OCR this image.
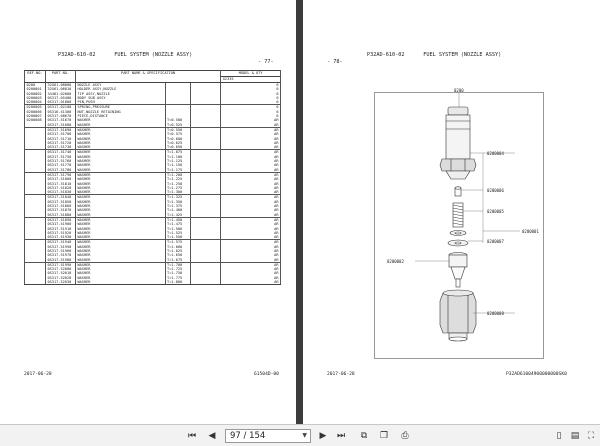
P32AD-610-02      FUEL SYSTEM (NOZZLE ASSY)
- 77-
REF.NO.	PART NO.	PART NAME & SPECIFICATION			MODEL & QTY
					G2335
0200	32G61-08000	NOZZLE ASSY			6
0200001	32G61-06010	HOLDER ASSY,NOZZLE			6
0200002	34481-02000	TIP ASSY,NOZZLE			6
0200003	0S317-05400	BODY SUB ASSY			6
0200004	0S317-01800	PIN,PUSH			6
0200005	0S317-02100	SPRING,PRESSURE			6
0200006	0S316-41300	NUT,NOZZLE RETAINING			6
0200007	0S317-08670	PIECE,DISTANCE			6
0200008	0S317-51670	WASHER	T=0.500		AR
	0S317-51680	WASHER	T=0.525		AR
	0S317-51690	WASHER	T=0.550		AR
	0S317-51700	WASHER	T=0.575		AR
	0S317-51710	WASHER	T=0.600		AR
	0S317-51720	WASHER	T=0.625		AR
	0S317-51730	WASHER	T=0.650		AR
	0S317-51740	WASHER	T=1.075		AR
	0S317-51750	WASHER	T=1.100		AR
	0S317-51760	WASHER	T=1.125		AR
	0S317-51770	WASHER	T=1.150		AR
	0S317-51780	WASHER	T=1.175		AR
	0S317-51790	WASHER	T=1.200		AR
	0S317-51800	WASHER	T=1.225		AR
	0S317-51810	WASHER	T=1.250		AR
	0S317-51820	WASHER	T=1.275		AR
	0S317-51830	WASHER	T=1.300		AR
	0S317-51840	WASHER	T=1.325		AR
	0S317-51850	WASHER	T=1.350		AR
	0S317-51860	WASHER	T=1.375		AR
	0S317-51870	WASHER	T=1.400		AR
	0S317-51880	WASHER	T=1.425		AR
	0S317-51890	WASHER	T=1.450		AR
	0S317-51900	WASHER	T=1.475		AR
	0S317-51910	WASHER	T=1.500		AR
	0S317-51920	WASHER	T=1.525		AR
	0S317-51930	WASHER	T=1.550		AR
	0S317-51940	WASHER	T=1.575		AR
	0S317-51950	WASHER	T=1.600		AR
	0S317-51960	WASHER	T=1.625		AR
	0S317-51970	WASHER	T=1.650		AR
	0S317-51980	WASHER	T=1.675		AR
	0S317-51990	WASHER	T=1.700		AR
	0S317-52000	WASHER	T=1.725		AR
	0S317-52010	WASHER	T=1.750		AR
	0S317-52020	WASHER	T=1.775		AR
	0S317-52030	WASHER	T=1.800		AR
2017-06-28	61504D-00
P32AD-610-02      FUEL SYSTEM (NOZZLE ASSY)
- 78-
2017-06-28	P32AD61004900000000SK0
0200
0200004
0200006
0200005
0200007
0200001
0200002
0200008
⏮	◀	97 / 154	▼	▶	⏭	⧉	❐	⎙	▯	▤ ⛶
